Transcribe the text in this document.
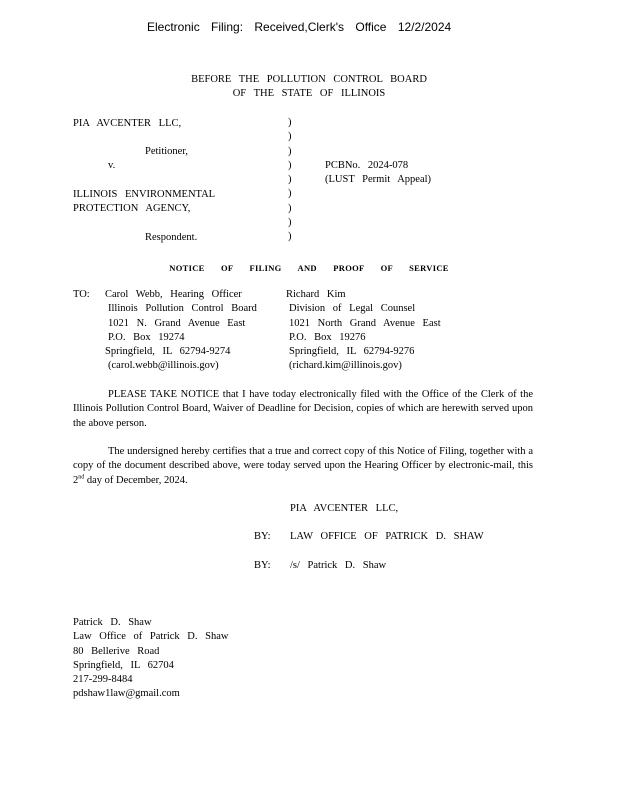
Electronic Filing: Received,Clerk's Office 12/2/2024
BEFORE THE POLLUTION CONTROL BOARD
OF THE STATE OF ILLINOIS
PIA AVCENTER LLC,
Petitioner,
v.
ILLINOIS ENVIRONMENTAL
PROTECTION AGENCY,
Respondent.
)
)
)
)
)
)
)
)
)
PCBNo. 2024-078
(LUST Permit Appeal)
NOTICE OF FILING AND PROOF OF SERVICE
TO: Carol Webb, Hearing Officer
Illinois Pollution Control Board
1021 N. Grand Avenue East
P.O. Box 19274
Springfield, IL 62794-9274
(carol.webb@illinois.gov)
Richard Kim
Division of Legal Counsel
1021 North Grand Avenue East
P.O. Box 19276
Springfield, IL 62794-9276
(richard.kim@illinois.gov)
PLEASE TAKE NOTICE that I have today electronically filed with the Office of the Clerk of the Illinois Pollution Control Board, Waiver of Deadline for Decision, copies of which are herewith served upon the above person.
The undersigned hereby certifies that a true and correct copy of this Notice of Filing, together with a copy of the document described above, were today served upon the Hearing Officer by electronic-mail, this 2nd day of December, 2024.
PIA AVCENTER LLC,
BY: LAW OFFICE OF PATRICK D. SHAW
BY: /s/ Patrick D. Shaw
Patrick D. Shaw
Law Office of Patrick D. Shaw
80 Bellerive Road
Springfield, IL 62704
217-299-8484
pdshaw1law@gmail.com
